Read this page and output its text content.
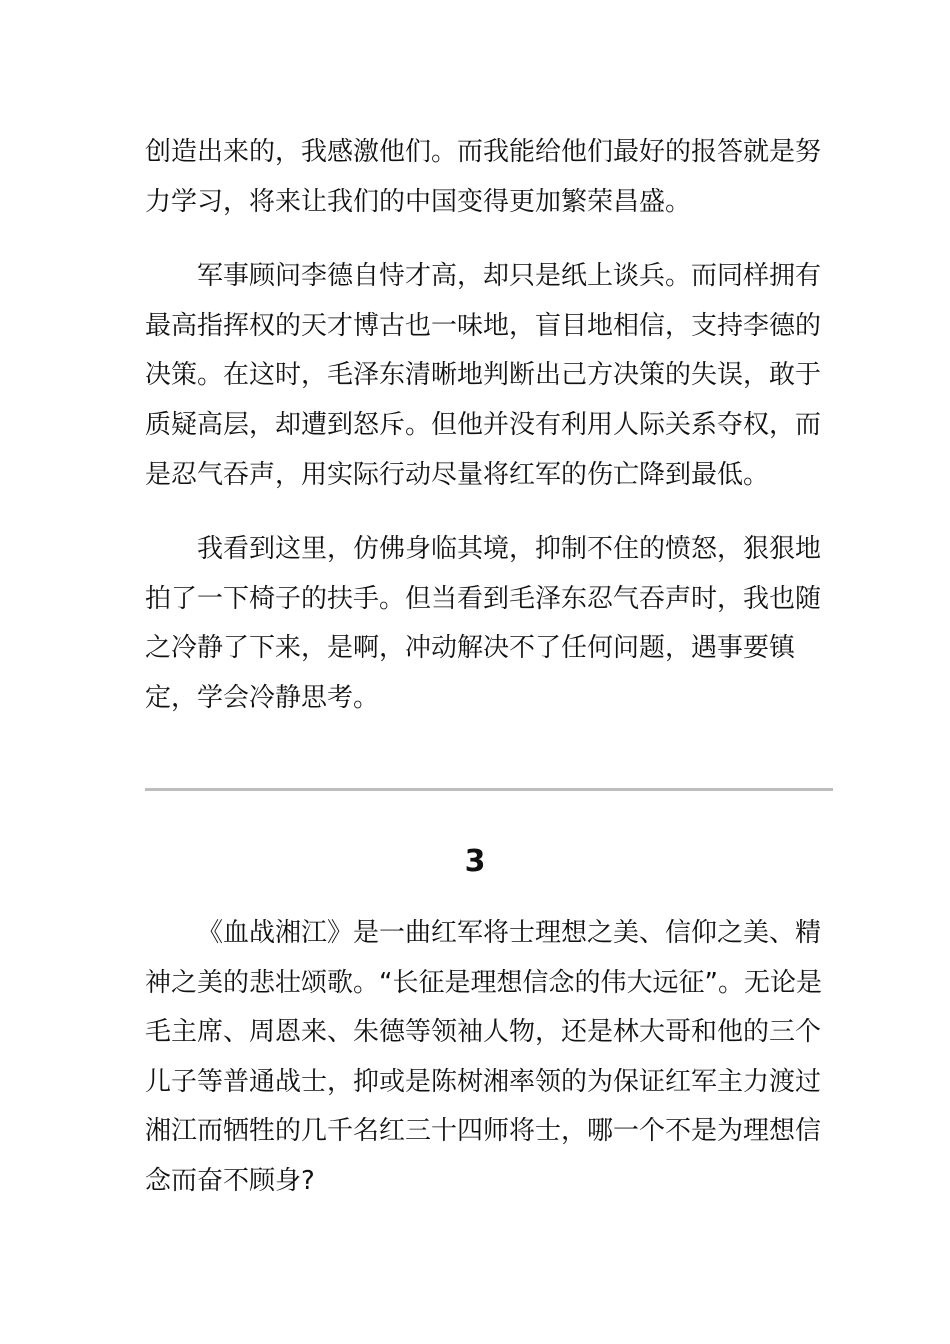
创造出来的，我感激他们。而我能给他们最好的报答就是努力学习，将来让我们的中国变得更加繁荣昌盛。

军事顾问李德自恃才高，却只是纸上谈兵。而同样拥有最高指挥权的天才博古也一味地，盲目地相信，支持李德的决策。在这时，毛泽东清晰地判断出己方决策的失误，敢于质疑高层，却遭到怒斥。但他并没有利用人际关系夺权，而是忍气吞声，用实际行动尽量将红军的伤亡降到最低。

我看到这里，仿佛身临其境，抑制不住的愤怒，狠狠地拍了一下椅子的扶手。但当看到毛泽东忍气吞声时，我也随之冷静了下来，是啊，冲动解决不了任何问题，遇事要镇定，学会冷静思考。

3

《血战湘江》是一曲红军将士理想之美、信仰之美、精神之美的悲壮颂歌。“长征是理想信念的伟大远征”。无论是毛主席、周恩来、朱德等领袖人物，还是林大哥和他的三个儿子等普通战士，抑或是陈树湘率领的为保证红军主力渡过湘江而牺牲的几千名红三十四师将士，哪一个不是为理想信念而奋不顾身?
